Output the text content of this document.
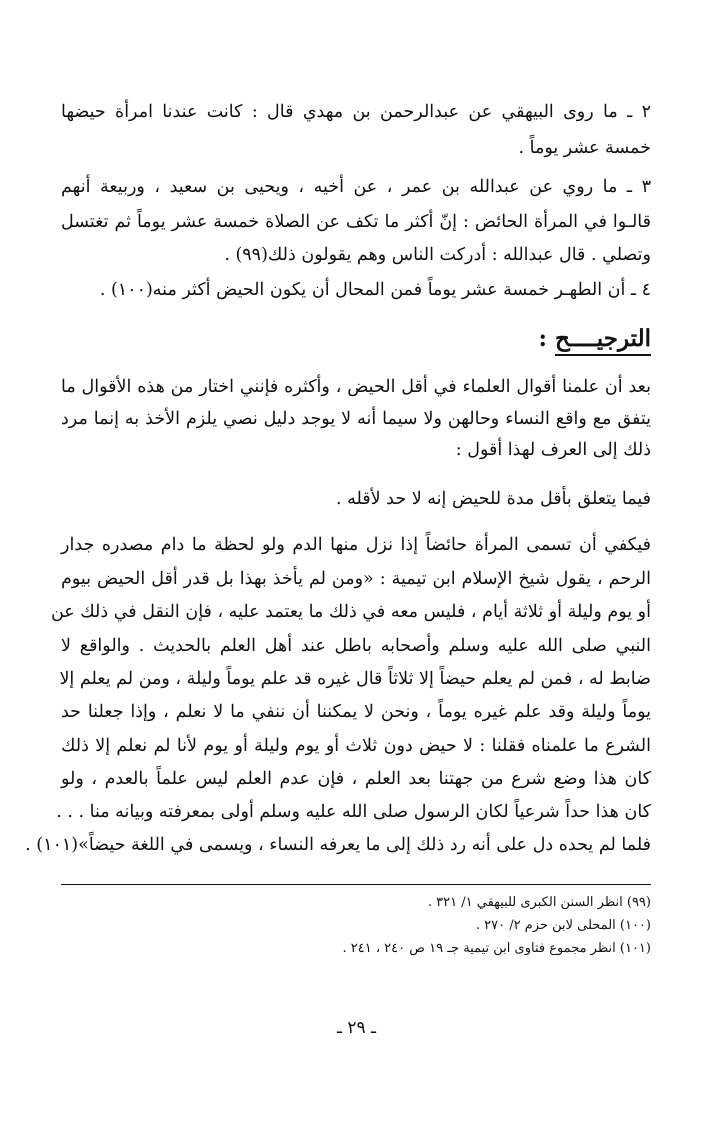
٢ ـ ما روى البيهقي عن عبدالرحمن بن مهدي قال : كانت عندنا امرأة حيضها
خمسة عشر يوماً .
٣ ـ ما روي عن عبدالله بن عمر ، عن أخيه ، ويحيى بن سعيد ، وربيعة أنهم
قالـوا في المرأة الحائض : إنّ أكثر ما تكف عن الصلاة خمسة عشر يوماً ثم تغتسل
وتصلي . قال عبدالله : أدركت الناس وهم يقولون ذلك(٩٩) .
٤ ـ أن الطهـر خمسة عشر يوماً فمن المحال أن يكون الحيض أكثر منه(١٠٠) .
الترجيــــح :
بعد أن علمنا أقوال العلماء في أقل الحيض ، وأكثره فإنني اختار من هذه الأقوال ما
يتفق مع واقع النساء وحالهن ولا سيما أنه لا يوجد دليل نصي يلزم الأخذ به إنما مرد
ذلك إلى العرف لهذا أقول :
فيما يتعلق بأقل مدة للحيض إنه لا حد لأقله .
فيكفي أن تسمى المرأة حائضاً إذا نزل منها الدم ولو لحظة ما دام مصدره جدار
الرحم ، يقول شيخ الإسلام ابن تيمية : «ومن لم يأخذ بهذا بل قدر أقل الحيض بيوم
أو يوم وليلة أو ثلاثة أيام ، فليس معه في ذلك ما يعتمد عليه ، فإن النقل في ذلك عن
النبي صلى الله عليه وسلم وأصحابه باطل عند أهل العلم بالحديث . والواقع لا
ضابط له ، فمن لم يعلم حيضاً إلا ثلاثاً قال غيره قد علم يوماً وليلة ، ومن لم يعلم إلا
يوماً وليلة وقد علم غيره يوماً ، ونحن لا يمكننا أن ننفي ما لا نعلم ، وإذا جعلنا حد
الشرع ما علمناه فقلنا : لا حيض دون ثلاث أو يوم وليلة أو يوم لأنا لم نعلم إلا ذلك
كان هذا وضع شرع من جهتنا بعد العلم ، فإن عدم العلم ليس علماً بالعدم ، ولو
كان هذا حداً شرعياً لكان الرسول صلى الله عليه وسلم أولى بمعرفته وبيانه منا . . .
فلما لم يحده دل على أنه رد ذلك إلى ما يعرفه النساء ، ويسمى في اللغة حيضاً»(١٠١) .
(٩٩) انظر السنن الكبرى للبيهقي ١/ ٣٢١ .
(١٠٠) المحلى لابن حزم ٢/ ٢٧٠ .
(١٠١) انظر مجموع فتاوى ابن تيمية جـ ١٩ ص ٢٤٠ ، ٢٤١ .
ـ ٢٩ ـ
